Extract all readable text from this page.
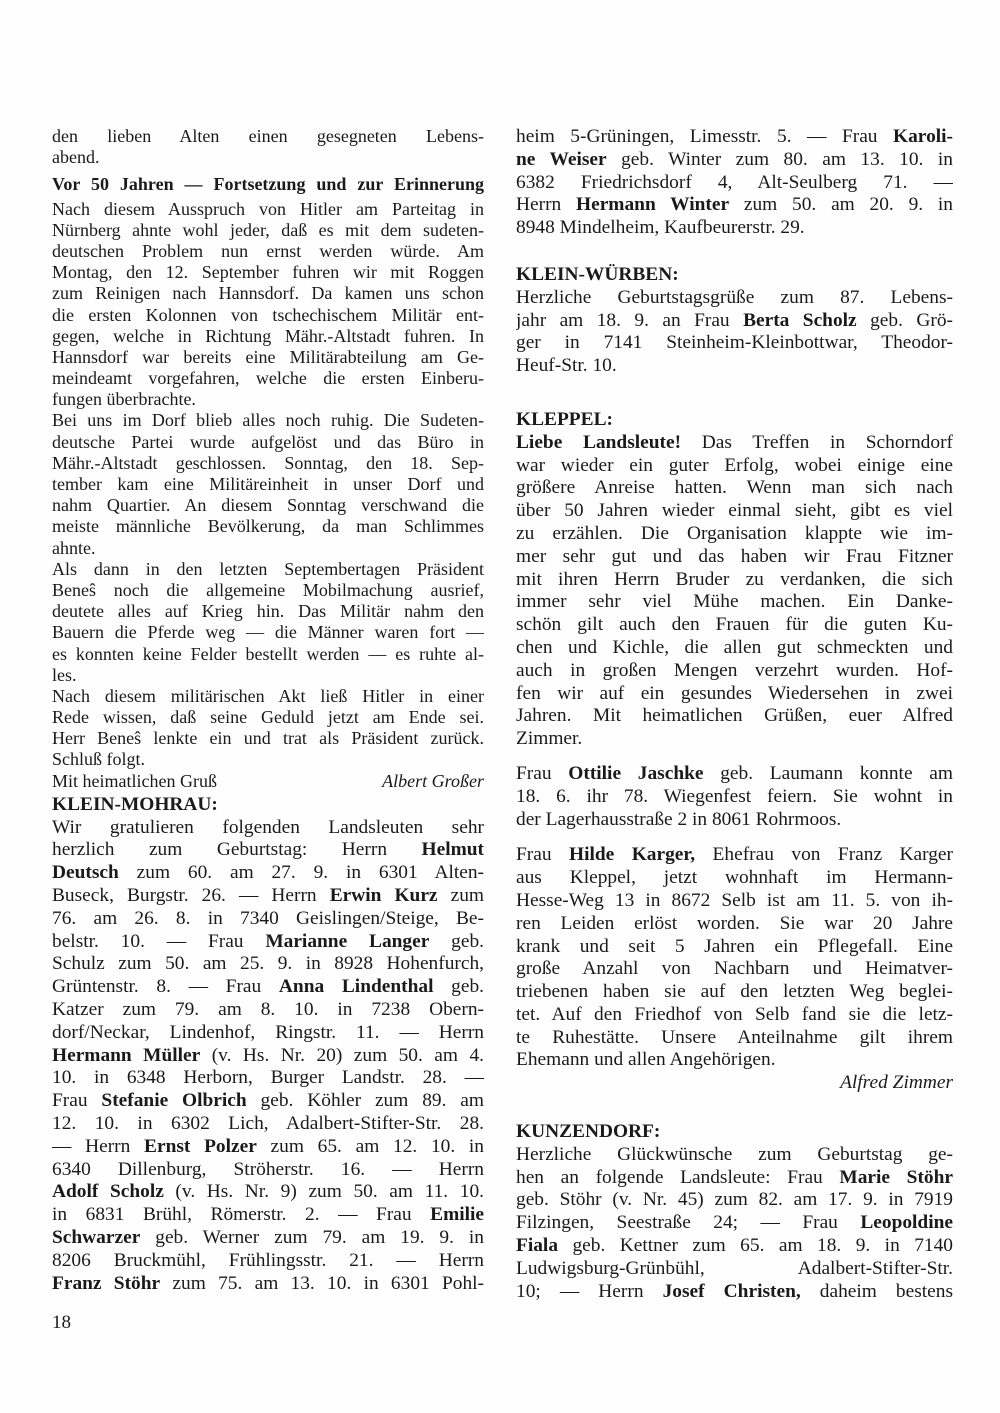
den lieben Alten einen gesegneten Lebens-
abend.
Vor 50 Jahren — Fortsetzung und zur Erinnerung
Nach diesem Ausspruch von Hitler am Parteitag in
Nürnberg ahnte wohl jeder, daß es mit dem sudeten-
deutschen Problem nun ernst werden würde. Am
Montag, den 12. September fuhren wir mit Roggen
zum Reinigen nach Hannsdorf. Da kamen uns schon
die ersten Kolonnen von tschechischem Militär ent-
gegen, welche in Richtung Mähr.-Altstadt fuhren. In
Hannsdorf war bereits eine Militärabteilung am Ge-
meindeamt vorgefahren, welche die ersten Einberu-
fungen überbrachte.
Bei uns im Dorf blieb alles noch ruhig. Die Sudeten-
deutsche Partei wurde aufgelöst und das Büro in
Mähr.-Altstadt geschlossen. Sonntag, den 18. Sep-
tember kam eine Militäreinheit in unser Dorf und
nahm Quartier. An diesem Sonntag verschwand die
meiste männliche Bevölkerung, da man Schlimmes
ahnte.
Als dann in den letzten Septembertagen Präsident
Beneŝ noch die allgemeine Mobilmachung ausrief,
deutete alles auf Krieg hin. Das Militär nahm den
Bauern die Pferde weg — die Männer waren fort —
es konnten keine Felder bestellt werden — es ruhte al-
les.
Nach diesem militärischen Akt ließ Hitler in einer
Rede wissen, daß seine Geduld jetzt am Ende sei.
Herr Beneŝ lenkte ein und trat als Präsident zurück.
Schluß folgt.
Mit heimatlichen Gruß	Albert Großer
KLEIN-MOHRAU:
Wir gratulieren folgenden Landsleuten sehr
herzlich zum Geburtstag: Herrn Helmut
Deutsch zum 60. am 27. 9. in 6301 Alten-
Buseck, Burgstr. 26. — Herrn Erwin Kurz zum
76. am 26. 8. in 7340 Geislingen/Steige, Be-
belstr. 10. — Frau Marianne Langer geb.
Schulz zum 50. am 25. 9. in 8928 Hohenfurch,
Grüntenstr. 8. — Frau Anna Lindenthal geb.
Katzer zum 79. am 8. 10. in 7238 Obern-
dorf/Neckar, Lindenhof, Ringstr. 11. — Herrn
Hermann Müller (v. Hs. Nr. 20) zum 50. am 4.
10. in 6348 Herborn, Burger Landstr. 28. —
Frau Stefanie Olbrich geb. Köhler zum 89. am
12. 10. in 6302 Lich, Adalbert-Stifter-Str. 28.
— Herrn Ernst Polzer zum 65. am 12. 10. in
6340 Dillenburg, Ströherstr. 16. — Herrn
Adolf Scholz (v. Hs. Nr. 9) zum 50. am 11. 10.
in 6831 Brühl, Römerstr. 2. — Frau Emilie
Schwarzer geb. Werner zum 79. am 19. 9. in
8206 Bruckmühl, Frühlingsstr. 21. — Herrn
Franz Stöhr zum 75. am 13. 10. in 6301 Pohl-
heim 5-Grüningen, Limesstr. 5. — Frau Karoli-
ne Weiser geb. Winter zum 80. am 13. 10. in
6382 Friedrichsdorf 4, Alt-Seulberg 71. —
Herrn Hermann Winter zum 50. am 20. 9. in
8948 Mindelheim, Kaufbeurerstr. 29.
KLEIN-WÜRBEN:
Herzliche Geburtstagsgrüße zum 87. Lebens-
jahr am 18. 9. an Frau Berta Scholz geb. Grö-
ger in 7141 Steinheim-Kleinbottwar, Theodor-
Heuf-Str. 10.
KLEPPEL:
Liebe Landsleute! Das Treffen in Schorndorf
war wieder ein guter Erfolg, wobei einige eine
größere Anreise hatten. Wenn man sich nach
über 50 Jahren wieder einmal sieht, gibt es viel
zu erzählen. Die Organisation klappte wie im-
mer sehr gut und das haben wir Frau Fitzner
mit ihren Herrn Bruder zu verdanken, die sich
immer sehr viel Mühe machen. Ein Danke-
schön gilt auch den Frauen für die guten Ku-
chen und Kichle, die allen gut schmeckten und
auch in großen Mengen verzehrt wurden. Hof-
fen wir auf ein gesundes Wiedersehen in zwei
Jahren. Mit heimatlichen Grüßen, euer Alfred
Zimmer.
Frau Ottilie Jaschke geb. Laumann konnte am
18. 6. ihr 78. Wiegenfest feiern. Sie wohnt in
der Lagerhausstraße 2 in 8061 Rohrmoos.
Frau Hilde Karger, Ehefrau von Franz Karger
aus Kleppel, jetzt wohnhaft im Hermann-
Hesse-Weg 13 in 8672 Selb ist am 11. 5. von ih-
ren Leiden erlöst worden. Sie war 20 Jahre
krank und seit 5 Jahren ein Pflegefall. Eine
große Anzahl von Nachbarn und Heimatver-
triebenen haben sie auf den letzten Weg beglei-
tet. Auf den Friedhof von Selb fand sie die letz-
te Ruhestätte. Unsere Anteilnahme gilt ihrem
Ehemann und allen Angehörigen.
Alfred Zimmer
KUNZENDORF:
Herzliche Glückwünsche zum Geburtstag ge-
hen an folgende Landsleute: Frau Marie Stöhr
geb. Stöhr (v. Nr. 45) zum 82. am 17. 9. in 7919
Filzingen, Seestraße 24; — Frau Leopoldine
Fiala geb. Kettner zum 65. am 18. 9. in 7140
Ludwigsburg-Grünbühl, Adalbert-Stifter-Str.
10; — Herrn Josef Christen, daheim bestens
18
